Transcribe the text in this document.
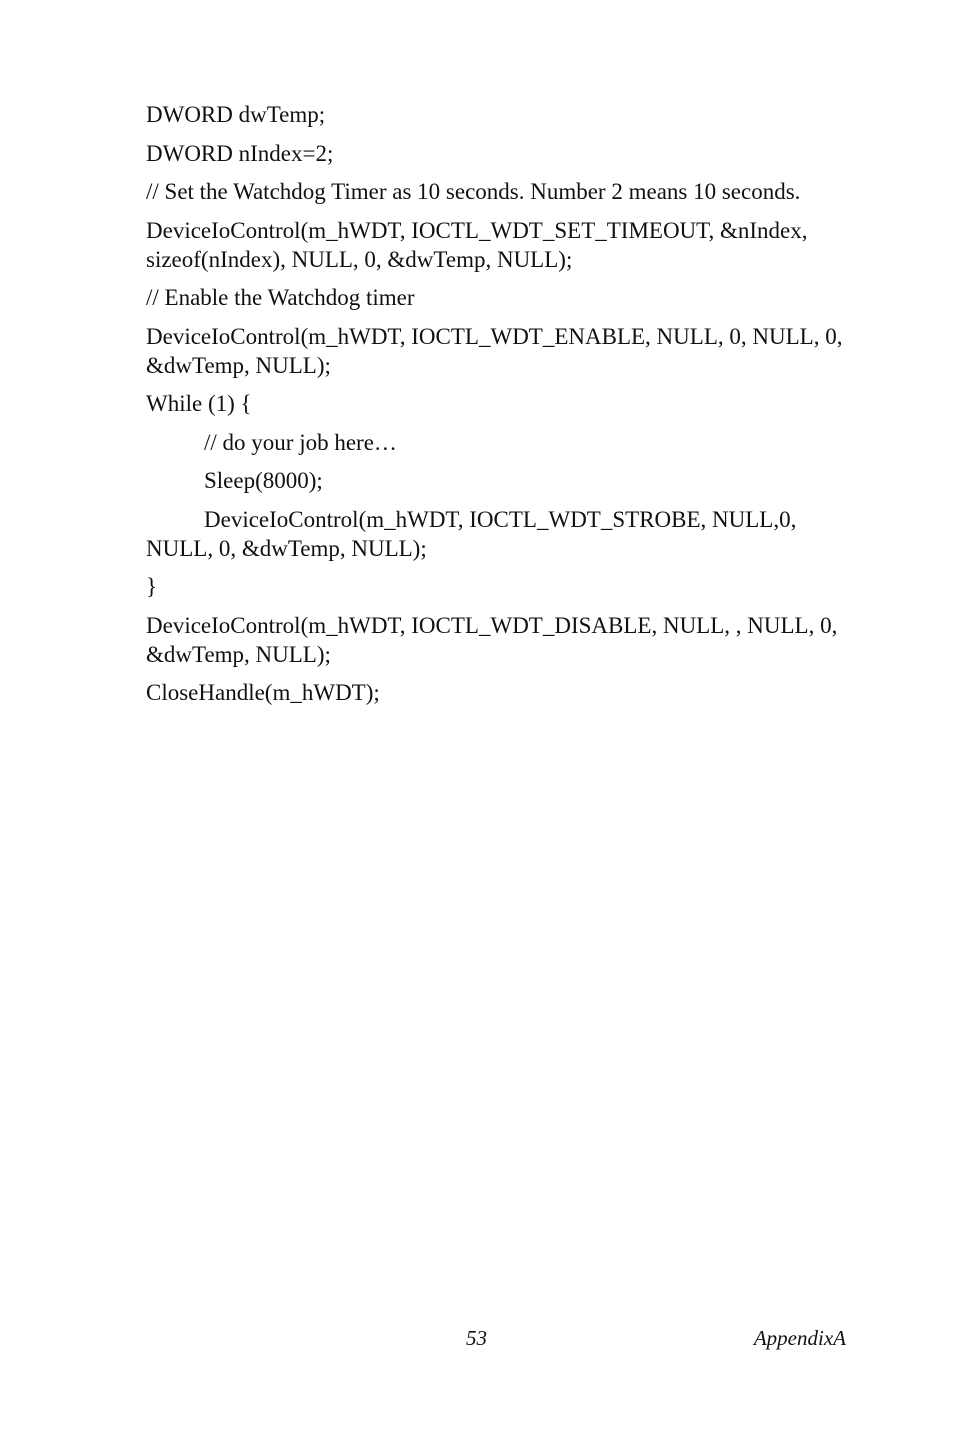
DWORD dwTemp;
DWORD nIndex=2;
// Set the Watchdog Timer as 10 seconds. Number 2 means 10 seconds.
DeviceIoControl(m_hWDT, IOCTL_WDT_SET_TIMEOUT, &nIndex, sizeof(nIndex), NULL, 0, &dwTemp, NULL);
// Enable the Watchdog timer
DeviceIoControl(m_hWDT, IOCTL_WDT_ENABLE, NULL, 0, NULL, 0, &dwTemp, NULL);
While (1) {
// do your job here…
Sleep(8000);
DeviceIoControl(m_hWDT, IOCTL_WDT_STROBE, NULL,0, NULL, 0, &dwTemp, NULL);
}
DeviceIoControl(m_hWDT, IOCTL_WDT_DISABLE, NULL, , NULL, 0, &dwTemp, NULL);
CloseHandle(m_hWDT);
53	AppendixA
